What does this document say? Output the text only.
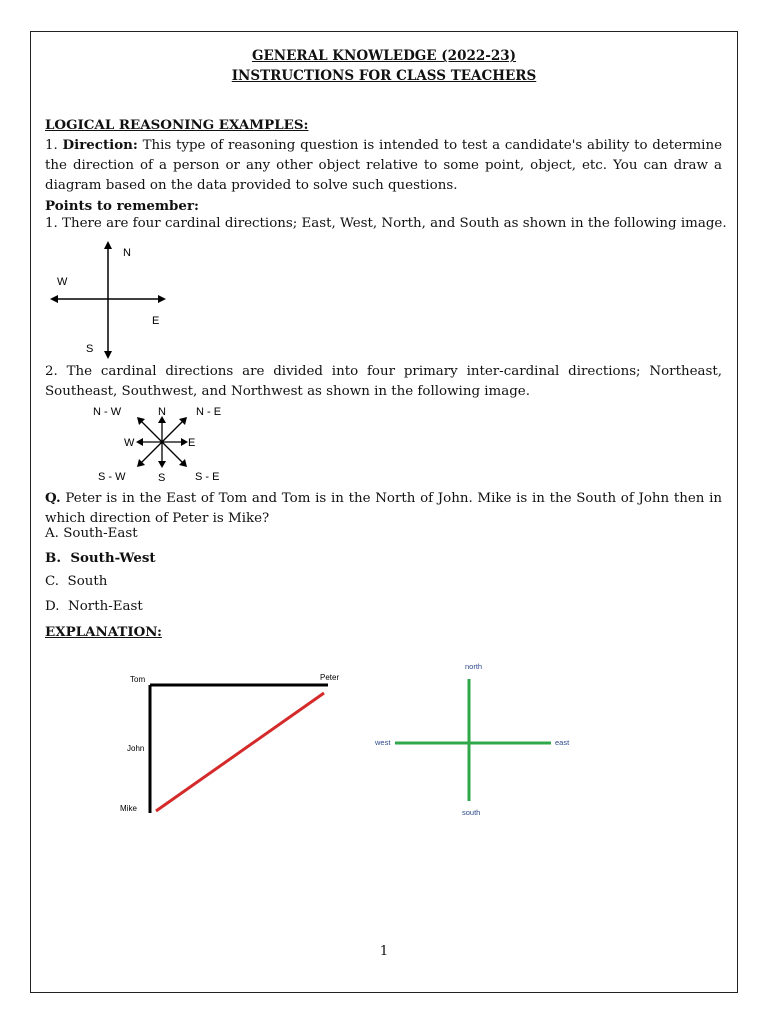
GENERAL KNOWLEDGE (2022-23)

INSTRUCTIONS FOR CLASS TEACHERS

LOGICAL REASONING EXAMPLES:

1. Direction: This type of reasoning question is intended to test a candidate's ability to determine the direction of a person or any other object relative to some point, object, etc. You can draw a diagram based on the data provided to solve such questions.

Points to remember:

1. There are four cardinal directions; East, West, North, and South as shown in the following image.

N
W
E
S

2. The cardinal directions are divided into four primary inter-cardinal directions; Northeast, Southeast, Southwest, and Northwest as shown in the following image.

N - W	N	N - E
W	E
S - W	S	S - E
Q. Peter is in the East of Tom and Tom is in the North of John. Mike is in the South of John then in which direction of Peter is Mike?
A. South-East
B. South-West
C. South
D. North-East

EXPLANATION:

Tom	Peter
John
Mike
north
west	east
south

1
